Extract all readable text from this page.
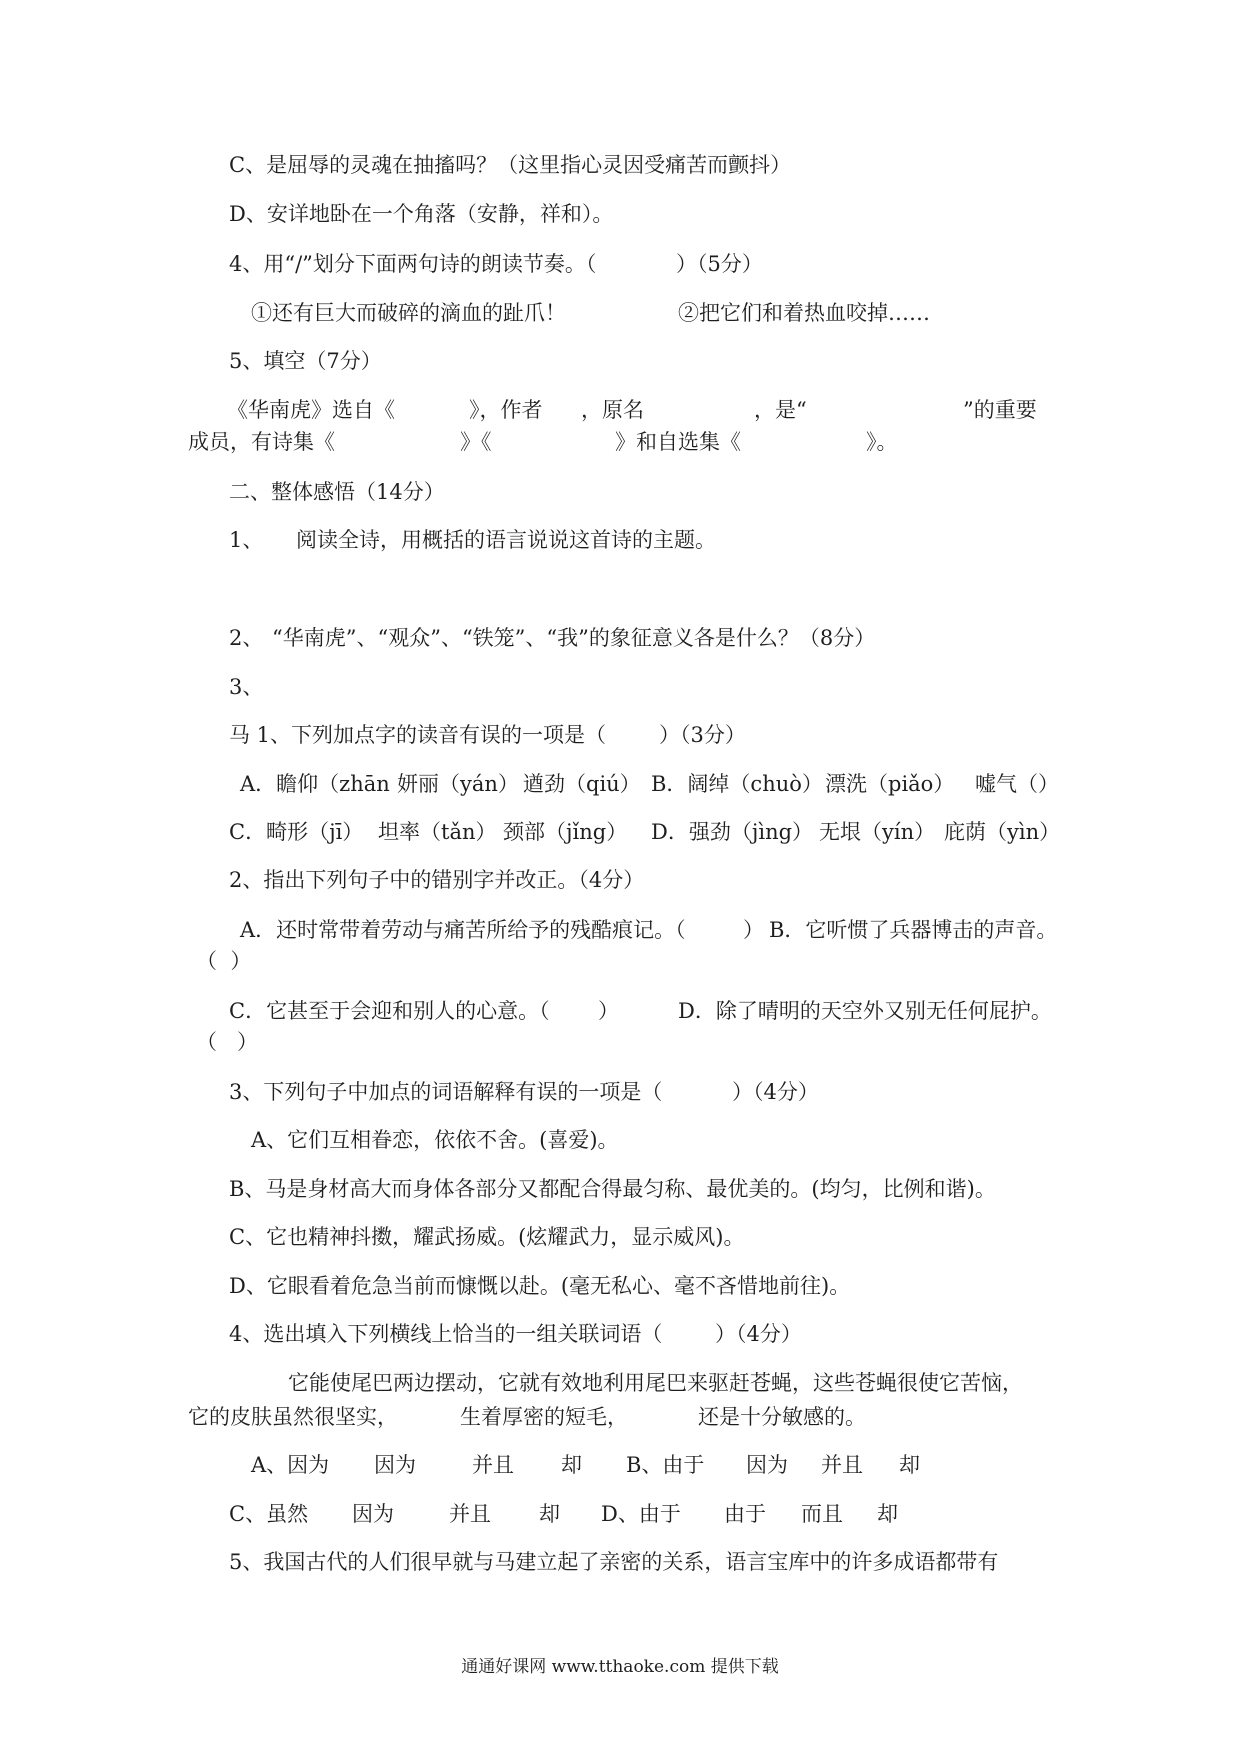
C、是屈辱的灵魂在抽搐吗？（这里指心灵因受痛苦而颤抖）
D、安详地卧在一个角落（安静，祥和）。
4、用“/”划分下面两句诗的朗读节奏。（	）（5分）
①还有巨大而破碎的滴血的趾爪！	②把它们和着热血咬掉……
5、填空（7分）
《华南虎》选自《	》，作者 ，原名	，是“	”的重要
成员，有诗集《	》《	》和自选集《	》。
二、整体感悟（14分）
1、 阅读全诗，用概括的语言说说这首诗的主题。
2、 “华南虎”、“观众”、“铁笼”、“我”的象征意义各是什么？（8分）
3、
马 1、下列加点字的读音有误的一项是（	）（3分）
A．瞻仰（zhān 妍丽（yán） 遒劲（qiú） B．阔绰（chuò） 漂洗（piǎo） 嘘气（）
C．畸形（jī） 坦率（tǎn） 颈部（jǐng） D．强劲（jìng） 无垠（yín） 庇荫（yìn）
2、指出下列句子中的错别字并改正。（4分）
A．还时常带着劳动与痛苦所给予的残酷痕记。（	） B．它听惯了兵器博击的声音。
（  ）
C．它甚至于会迎和别人的心意。（ ）	D．除了晴明的天空外又别无任何屁护。
（   ）
3、下列句子中加点的词语解释有误的一项是（	）（4分）
A、它们互相眷恋，依依不舍。(喜爱)。
B、马是身材高大而身体各部分又都配合得最匀称、最优美的。(均匀，比例和谐)。
C、它也精神抖擞，耀武扬威。(炫耀武力，显示威风)。
D、它眼看着危急当前而慷慨以赴。(毫无私心、毫不吝惜地前往)。
4、选出填入下列横线上恰当的一组关联词语（	）（4分）
它能使尾巴两边摆动，它就有效地利用尾巴来驱赶苍蝇，这些苍蝇很使它苦恼，
它的皮肤虽然很坚实，	生着厚密的短毛，	还是十分敏感的。
A、因为 因为	并且 却 B、由于 因为 并且 却
C、虽然 因为	并且 却 D、由于 由于 而且 却
5、我国古代的人们很早就与马建立起了亲密的关系，语言宝库中的许多成语都带有
通通好课网 www.tthaoke.com 提供下载
